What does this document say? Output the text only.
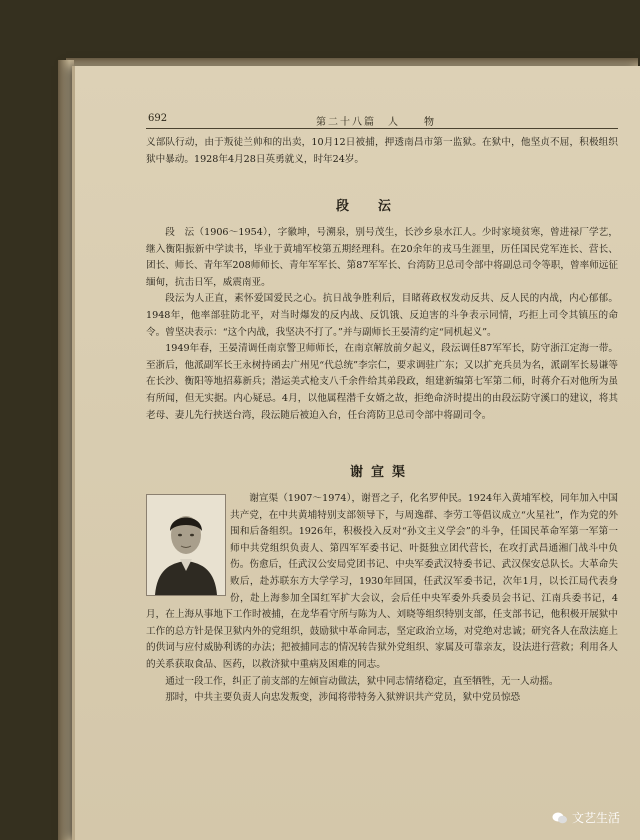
692	第二十八篇　人　　物

义部队行动，由于叛徒兰帅和的出卖，10月12日被捕，押透南昌市第一监狱。在狱中，他坚贞不屈，积极组织狱中暴动。1928年4月28日英勇就义，时年24岁。

段　沄

段　沄（1906～1954），字徽坤，号溯泉，别号茂生，长沙乡泉水江人。少时家境贫寒，曾进禄厂学艺，继入衡阳振新中学读书，毕业于黄埔军校第五期经理科。在20余年的戎马生涯里，历任国民党军连长、营长、团长、师长、青年军208师师长、青年军军长、第87军军长、台湾防卫总司令部中将副总司令等职，曾率师远征缅甸，抗击日军，威震南亚。

段沄为人正直，素怀爱国爱民之心。抗日战争胜利后，目睹蒋政权发动反共、反人民的内战，内心郁郁。1948年，他率部驻防北平，对当时爆发的反内战、反饥饿、反迫害的斗争表示同情，巧拒上司令其镇压的命令。曾坚决表示：“这个内战，我坚决不打了。”并与副师长王晏清约定“同机起义”。

1949年春，王晏清调任南京警卫师师长，在南京解放前夕起义，段沄调任87军军长，防守浙江定海一带。至浙后，他派副军长王永树持函去广州见“代总统”李宗仁，要求调驻广东；又以扩充兵员为名，派副军长易谦等在长沙、衡阳等地招募新兵；潜运美式枪支八千余件给其弟段政，组建新编第七军第二师，时蒋介石对他所为虽有所闻，但无实据。内心疑忌。4月，以他属程潜千女婿之故，拒绝命济时提出的由段沄防守溪口的建议，将其老母、妻儿先行挟送台湾，段沄随后被迫入台，任台湾防卫总司令部中将副司令。

谢宣渠

谢宣渠（1907～1974），谢晋之子，化名罗仲民。1924年入黄埔军校，同年加入中国共产党，在中共黄埔特别支部领导下，与周逸群、李劳工等倡议成立“火星社”，作为党的外围和后备组织。1926年，积极投入反对“孙文主义学会”的斗争，任国民革命军第一军第一师中共党组织负责人、第四军军委书记、叶挺独立团代营长，在攻打武昌通湘门战斗中负伤。伤愈后，任武汉公安局党团书记、中央军委武汉特委书记、武汉保安总队长。大革命失败后，赴苏联东方大学学习，1930年回国，任武汉军委书记，次年1月，以长江局代表身份，赴上海参加全国红军扩大会议，会后任中央军委外兵委员会书记、江南兵委书记，4月，在上海从事地下工作时被捕，在龙华看守所与陈为人、刘晓等组织特别支部，任支部书记，他积极开展狱中工作的总方针是保卫狱内外的党组织，鼓励狱中革命同志，坚定政治立场，对党绝对忠诚；研究各人在敌法庭上的供词与应付威胁利诱的办法；把被捕同志的情况转告狱外党组织、家属及可靠亲友，设法进行营救；利用各人的关系获取食品、医药，以救济狱中重病及困难的同志。

通过一段工作，纠正了前支部的左倾盲动做法，狱中同志情绪稳定，直至牺牲，无一人动摇。

那时，中共主要负责人向忠发叛变，涉闻将带特务入狱辨识共产党员，狱中党员惊恐

文艺生活
